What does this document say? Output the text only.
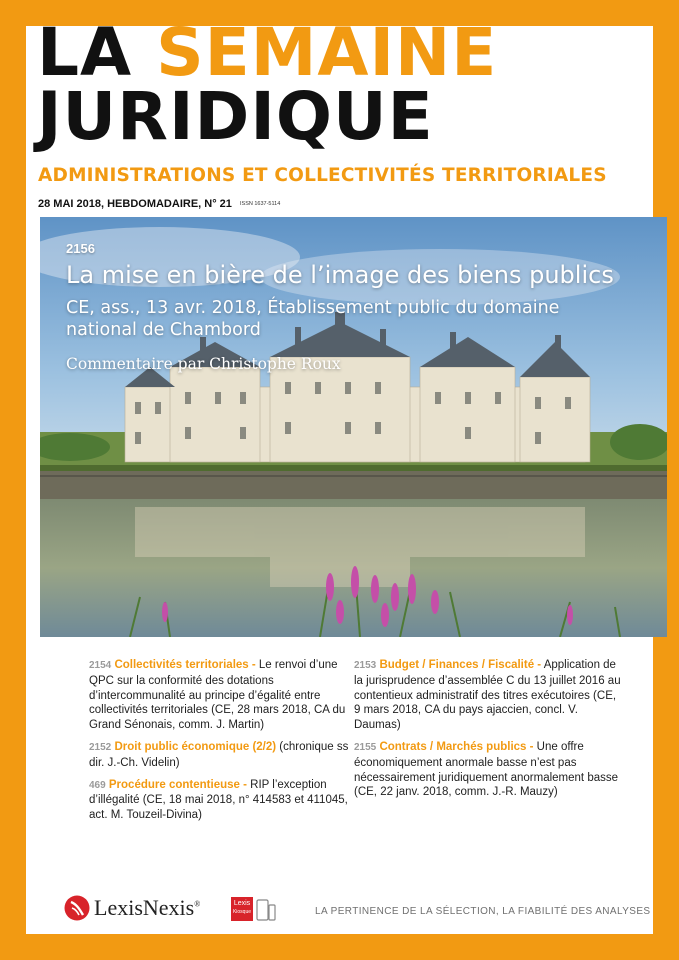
LA SEMAINE
JURIDIQUE
ADMINISTRATIONS ET COLLECTIVITÉS TERRITORIALES
28 MAI 2018, HEBDOMADAIRE, N° 21 ISSN 1637-5114
2156
La mise en bière de l’image des biens publics
CE, ass., 13 avr. 2018, Établissement public du domaine national de Chambord
Commentaire par Christophe Roux
2154 Collectivités territoriales - Le renvoi d’une QPC sur la conformité des dotations d’intercommunalité au principe d’égalité entre collectivités territoriales (CE, 28 mars 2018, CA du Grand Sénonais, comm. J. Martin)
2152 Droit public économique (2/2) (chronique ss dir. J.-Ch. Videlin)
469 Procédure contentieuse - RIP l’exception d’illégalité (CE, 18 mai 2018, n° 414583 et 411045, act. M. Touzeil-Divina)
2153 Budget / Finances / Fiscalité - Application de la jurisprudence d’assemblée C du 13 juillet 2016 au contentieux administratif des titres exécutoires (CE, 9 mars 2018, CA du pays ajaccien, concl. V. Daumas)
2155 Contrats / Marchés publics - Une offre économiquement anormale basse n’est pas nécessairement juridiquement anormalement basse (CE, 22 janv. 2018, comm. J.-R. Mauzy)
LexisNexis®	Lexis
Kiosque	LA PERTINENCE DE LA SÉLECTION, LA FIABILITÉ DES ANALYSES
